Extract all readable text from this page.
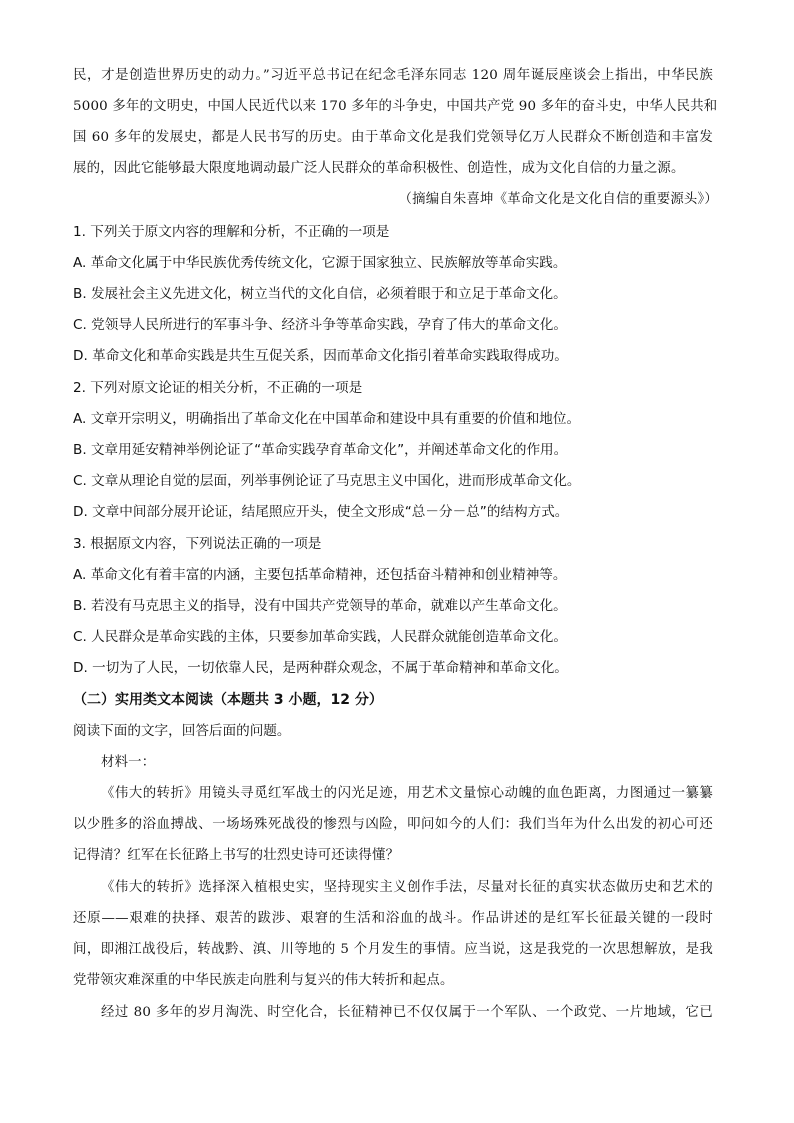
民，才是创造世界历史的动力。”习近平总书记在纪念毛泽东同志 120 周年诞辰座谈会上指出，中华民族
5000 多年的文明史，中国人民近代以来 170 多年的斗争史，中国共产党 90 多年的奋斗史，中华人民共和
国 60 多年的发展史，都是人民书写的历史。由于革命文化是我们党领导亿万人民群众不断创造和丰富发
展的，因此它能够最大限度地调动最广泛人民群众的革命积极性、创造性，成为文化自信的力量之源。
（摘编自朱喜坤《革命文化是文化自信的重要源头》）
1. 下列关于原文内容的理解和分析，不正确的一项是
A. 革命文化属于中华民族优秀传统文化，它源于国家独立、民族解放等革命实践。
B. 发展社会主义先进文化，树立当代的文化自信，必须着眼于和立足于革命文化。
C. 党领导人民所进行的军事斗争、经济斗争等革命实践，孕育了伟大的革命文化。
D. 革命文化和革命实践是共生互促关系，因而革命文化指引着革命实践取得成功。
2. 下列对原文论证的相关分析，不正确的一项是
A. 文章开宗明义，明确指出了革命文化在中国革命和建设中具有重要的价值和地位。
B. 文章用延安精神举例论证了“革命实践孕育革命文化”，并阐述革命文化的作用。
C. 文章从理论自觉的层面，列举事例论证了马克思主义中国化，进而形成革命文化。
D. 文章中间部分展开论证，结尾照应开头，使全文形成“总－分－总”的结构方式。
3. 根据原文内容，下列说法正确的一项是
A. 革命文化有着丰富的内涵，主要包括革命精神，还包括奋斗精神和创业精神等。
B. 若没有马克思主义的指导，没有中国共产党领导的革命，就难以产生革命文化。
C. 人民群众是革命实践的主体，只要参加革命实践，人民群众就能创造革命文化。
D. 一切为了人民，一切依靠人民，是两种群众观念，不属于革命精神和革命文化。
（二）实用类文本阅读（本题共 3 小题，12 分）
阅读下面的文字，回答后面的问题。
材料一：
《伟大的转折》用镜头寻觅红军战士的闪光足迹，用艺术文量惊心动魄的血色距离，力图通过一纂纂
以少胜多的浴血搏战、一场场殊死战役的惨烈与凶险，叩问如今的人们：我们当年为什么出发的初心可还
记得清？红军在长征路上书写的壮烈史诗可还读得懂？
《伟大的转折》选择深入植根史实，坚持现实主义创作手法，尽量对长征的真实状态做历史和艺术的
还原——艰难的抉择、艰苦的跋涉、艰窘的生活和浴血的战斗。作品讲述的是红军长征最关键的一段时
间，即湘江战役后，转战黔、滇、川等地的 5 个月发生的事情。应当说，这是我党的一次思想解放，是我
党带领灾难深重的中华民族走向胜利与复兴的伟大转折和起点。
经过 80 多年的岁月淘洗、时空化合，长征精神已不仅仅属于一个军队、一个政党、一片地域，它已
